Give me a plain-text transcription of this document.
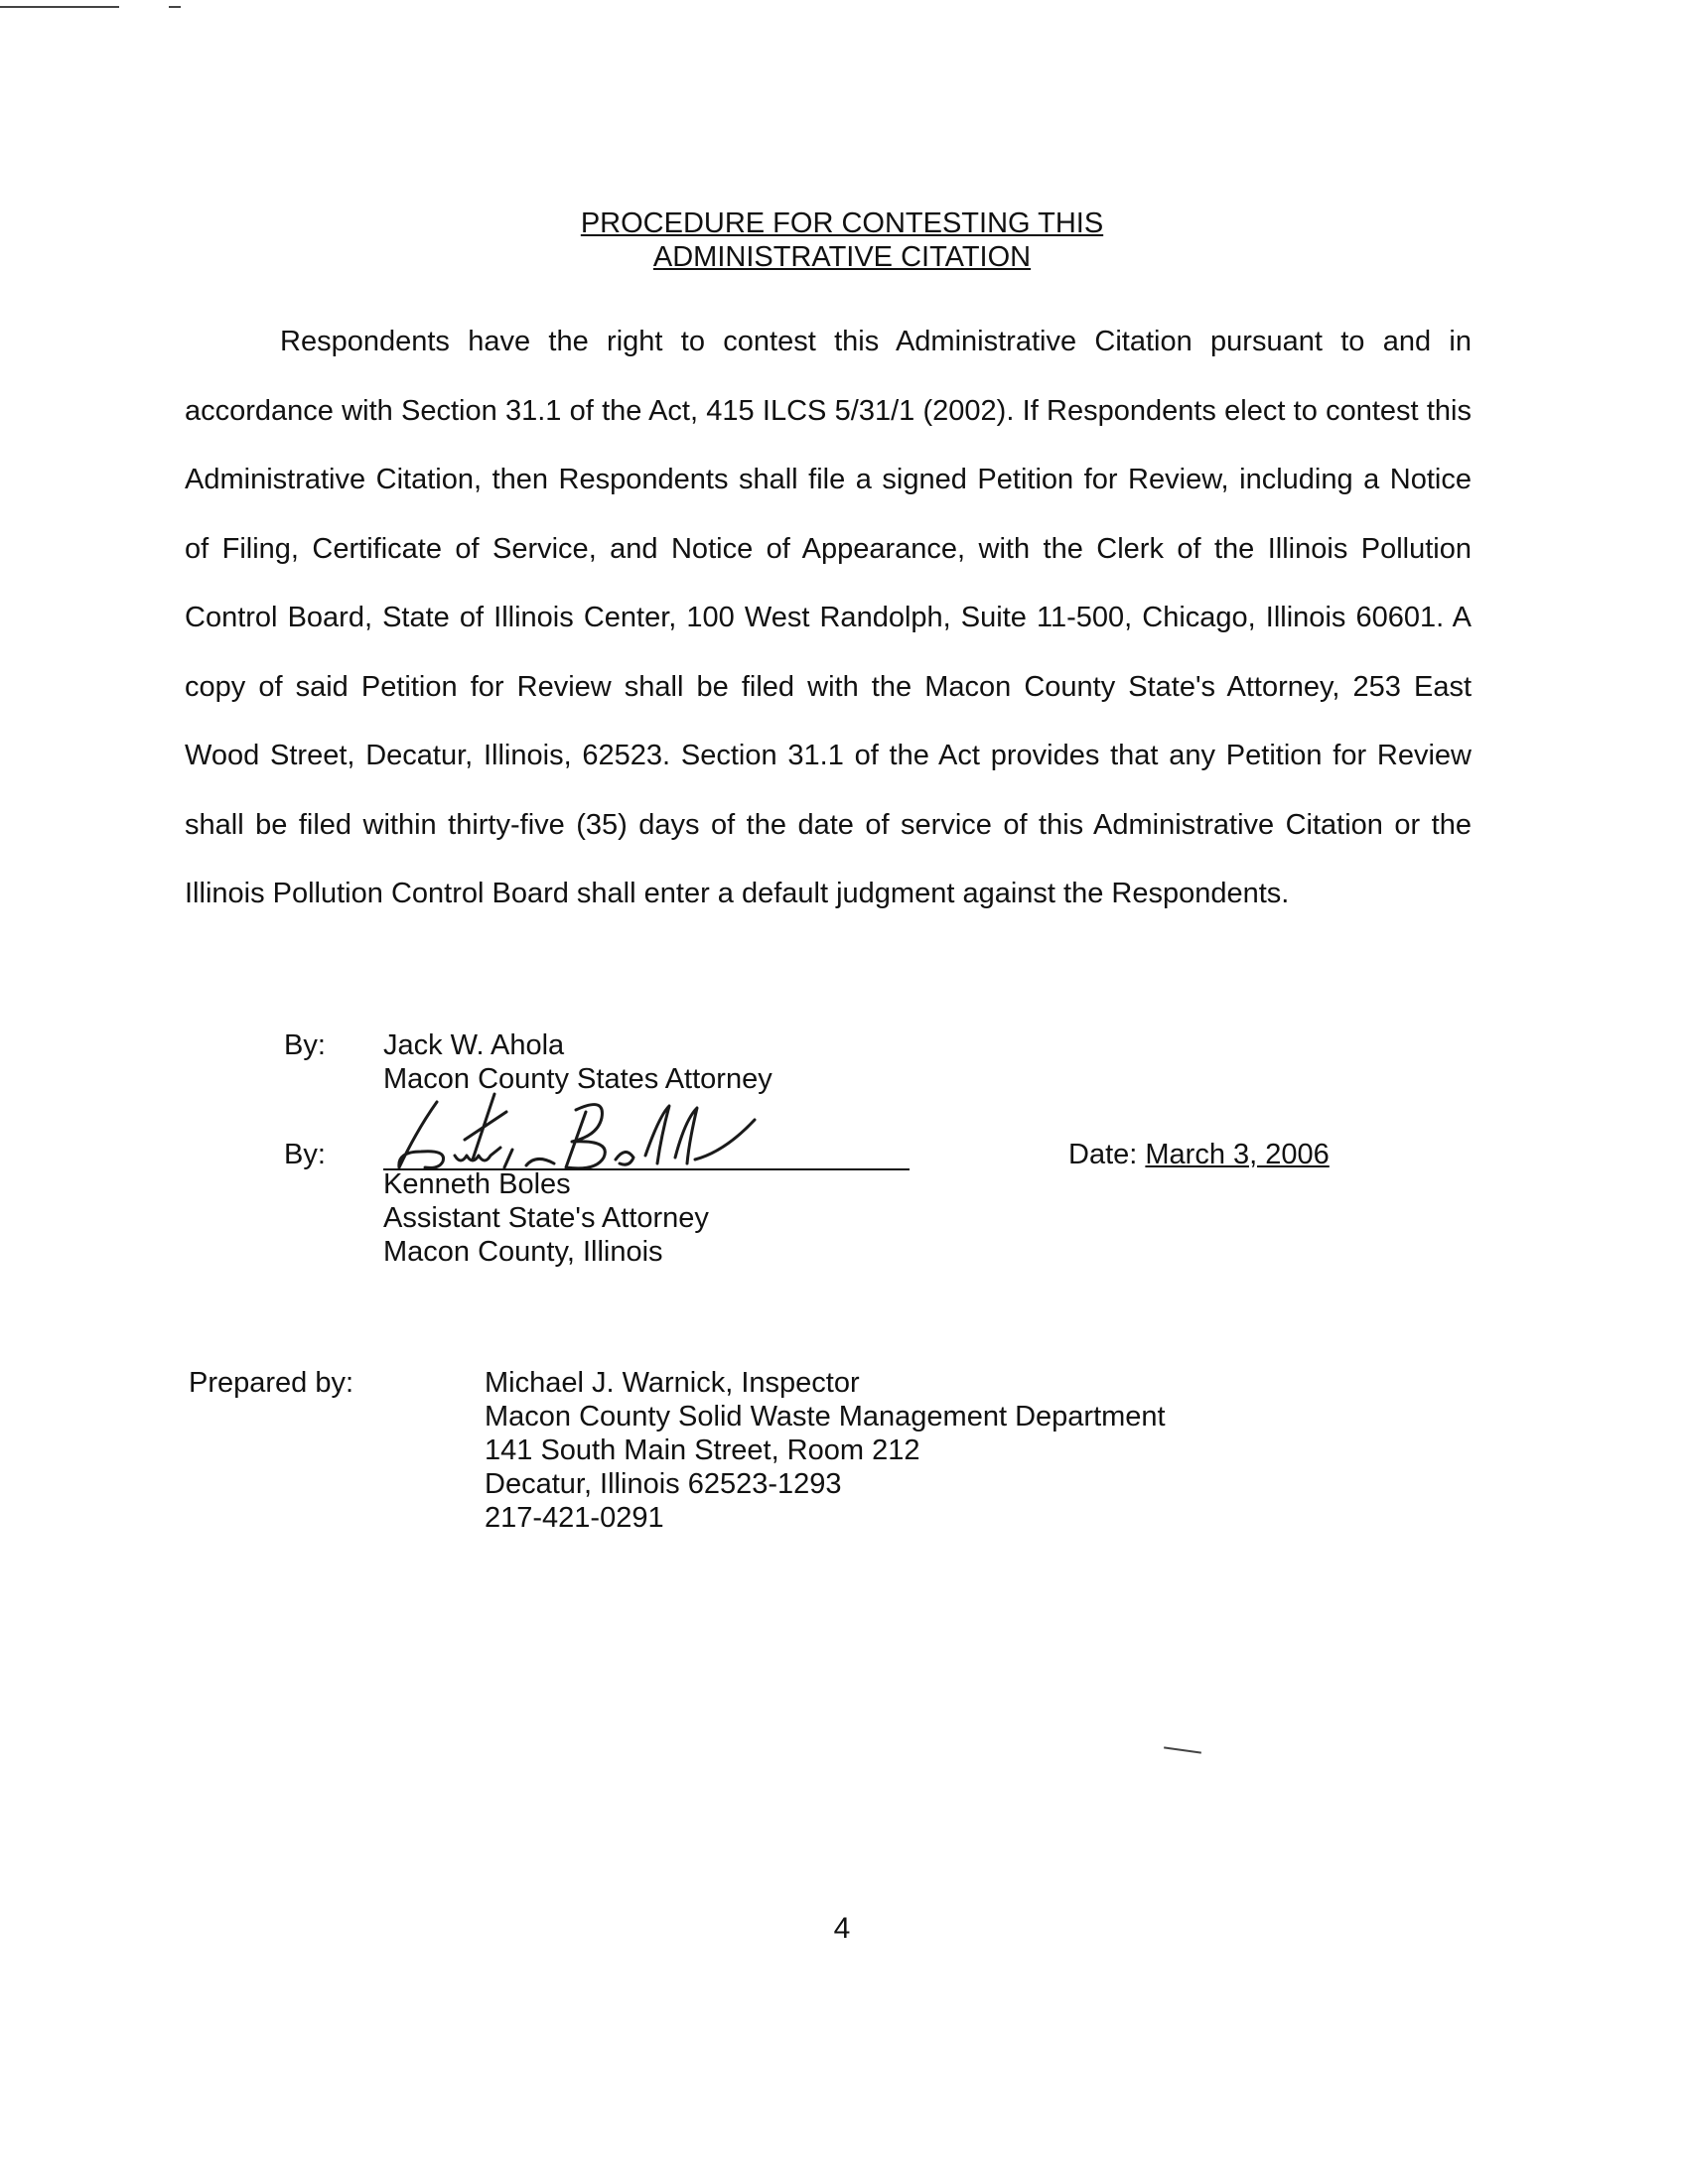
PROCEDURE FOR CONTESTING THIS
ADMINISTRATIVE CITATION

Respondents have the right to contest this Administrative Citation pursuant to and in accordance with Section 31.1 of the Act, 415 ILCS 5/31/1 (2002). If Respondents elect to contest this Administrative Citation, then Respondents shall file a signed Petition for Review, including a Notice of Filing, Certificate of Service, and Notice of Appearance, with the Clerk of the Illinois Pollution Control Board, State of Illinois Center, 100 West Randolph, Suite 11-500, Chicago, Illinois 60601. A copy of said Petition for Review shall be filed with the Macon County State's Attorney, 253 East Wood Street, Decatur, Illinois, 62523. Section 31.1 of the Act provides that any Petition for Review shall be filed within thirty-five (35) days of the date of service of this Administrative Citation or the Illinois Pollution Control Board shall enter a default judgment against the Respondents.

By: Jack W. Ahola
Macon County States Attorney
By:
Kenneth Boles
Assistant State's Attorney
Macon County, Illinois
Date: March 3, 2006
Prepared by:	Michael J. Warnick, Inspector
Macon County Solid Waste Management Department
141 South Main Street, Room 212
Decatur, Illinois 62523-1293
217-421-0291
4
